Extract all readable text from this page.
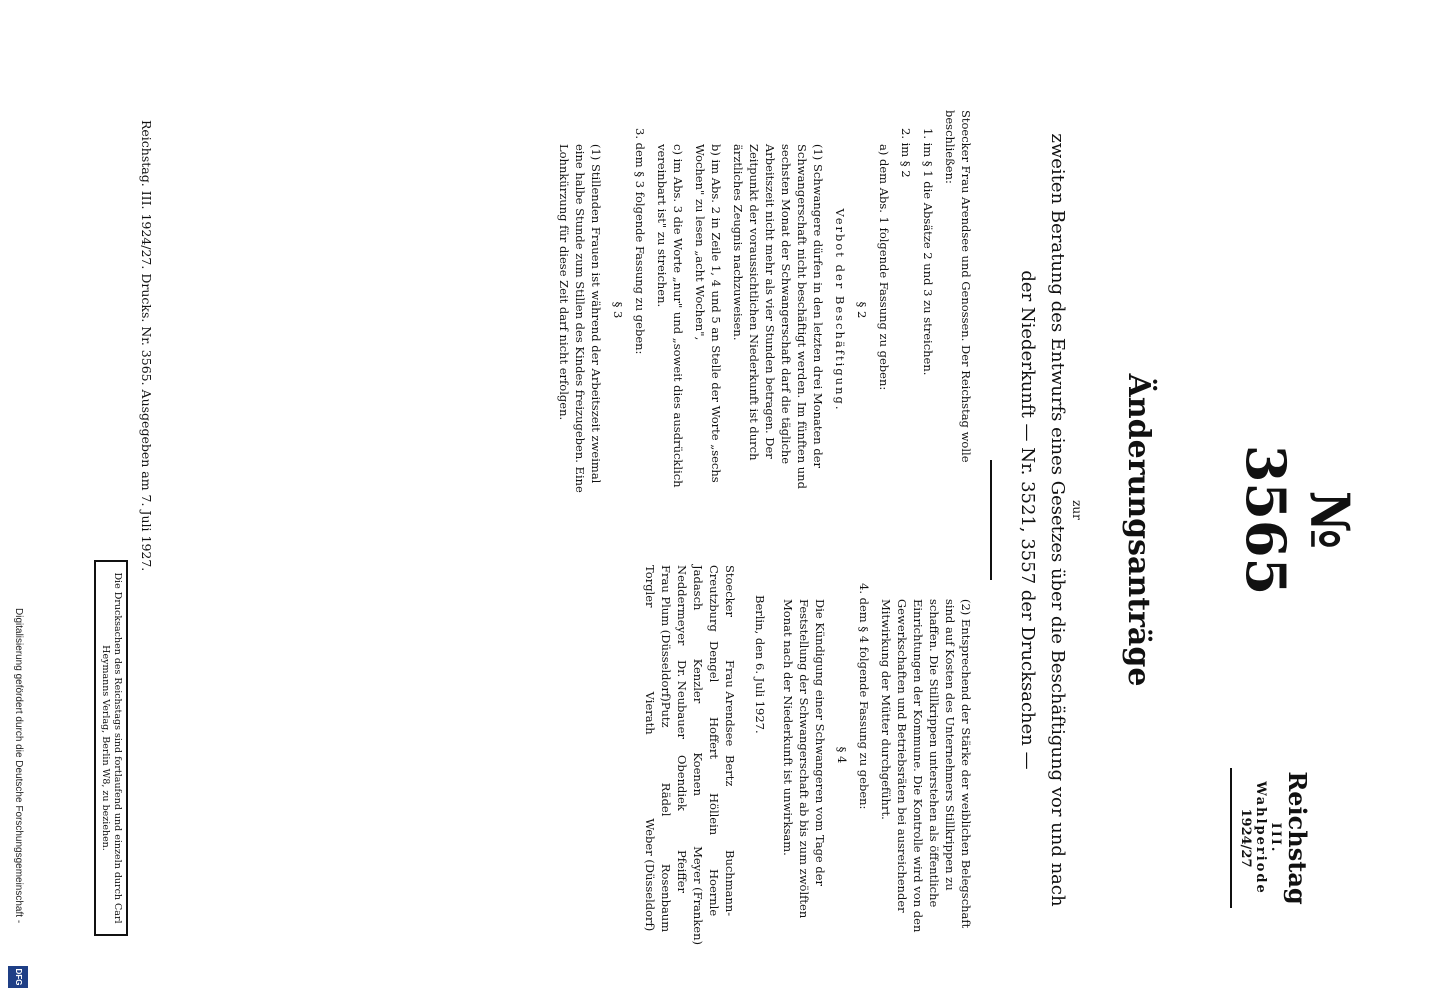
Reichstag
III. Wahlperiode
1924/27
№ 3565
Änderungsanträge
zur
zweiten Beratung des Entwurfs eines Gesetzes über die Beschäftigung vor und nach
der Niederkunft — Nr. 3521, 3557 der Drucksachen —
Stoecker Frau Arendsee und Genossen. Der Reichstag wolle beschließen:
1. im § 1 die Absätze 2 und 3 zu streichen.
2. im § 2
a) dem Abs. 1 folgende Fassung zu geben:
§ 2
Verbot der Beschäftigung.
(1) Schwangere dürfen in den letzten drei Monaten der Schwangerschaft nicht beschäftigt werden. Im fünften und sechsten Monat der Schwangerschaft darf die tägliche Arbeitszeit nicht mehr als vier Stunden betragen. Der Zeitpunkt der voraussichtlichen Niederkunft ist durch ärztliches Zeugnis nachzuweisen.
b) im Abs. 2 in Zeile 1, 4 und 5 an Stelle der Worte „sechs Wochen" zu lesen „acht Wochen",
c) im Abs. 3 die Worte „nur" und „soweit dies ausdrücklich vereinbart ist" zu streichen.
3. dem § 3 folgende Fassung zu geben:
§ 3
(1) Stillenden Frauen ist während der Arbeitszeit zweimal eine halbe Stunde zum Stillen des Kindes freizugeben. Eine Lohnkürzung für diese Zeit darf nicht erfolgen.
(2) Entsprechend der Stärke der weiblichen Belegschaft sind auf Kosten des Unternehmers Stillkrippen zu schaffen. Die Stillkrippen unterstehen als öffentliche Einrichtungen der Kommune. Die Kontrolle wird von den Gewerkschaften und Betriebsräten bei ausreichender Mitwirkung der Mütter durchgeführt.
4. dem § 4 folgende Fassung zu geben:
§ 4
Die Kündigung einer Schwangeren vom Tage der Feststellung der Schwangerschaft ab bis zum zwölften Monat nach der Niederkunft ist unwirksam.
Berlin, den 6. Juli 1927.
Stoecker
Frau Arendsee
Bertz
Buchmann-
Creutzburg
Dengel
Hoffert
Höllein
Hoernle
Jadasch
Kenzler
Koenen
Meyer (Franken)
Neddermeyer
Dr. Neubauer
Obendiek
Pfeiffer
Frau Plum (Düsseldorf)
Putz
Rädel
Rosenbaum
Torgler
Vierath
Weber (Düsseldorf)
Reichstag. III. 1924/27. Drucks. Nr. 3565. Ausgegeben am 7. Juli 1927.
Die Drucksachen des Reichstags sind fortlaufend und einzeln durch Carl Heymanns Verlag, Berlin W8, zu beziehen.
Digitalisierung gefördert durch die Deutsche Forschungsgemeinschaft -
DFG
